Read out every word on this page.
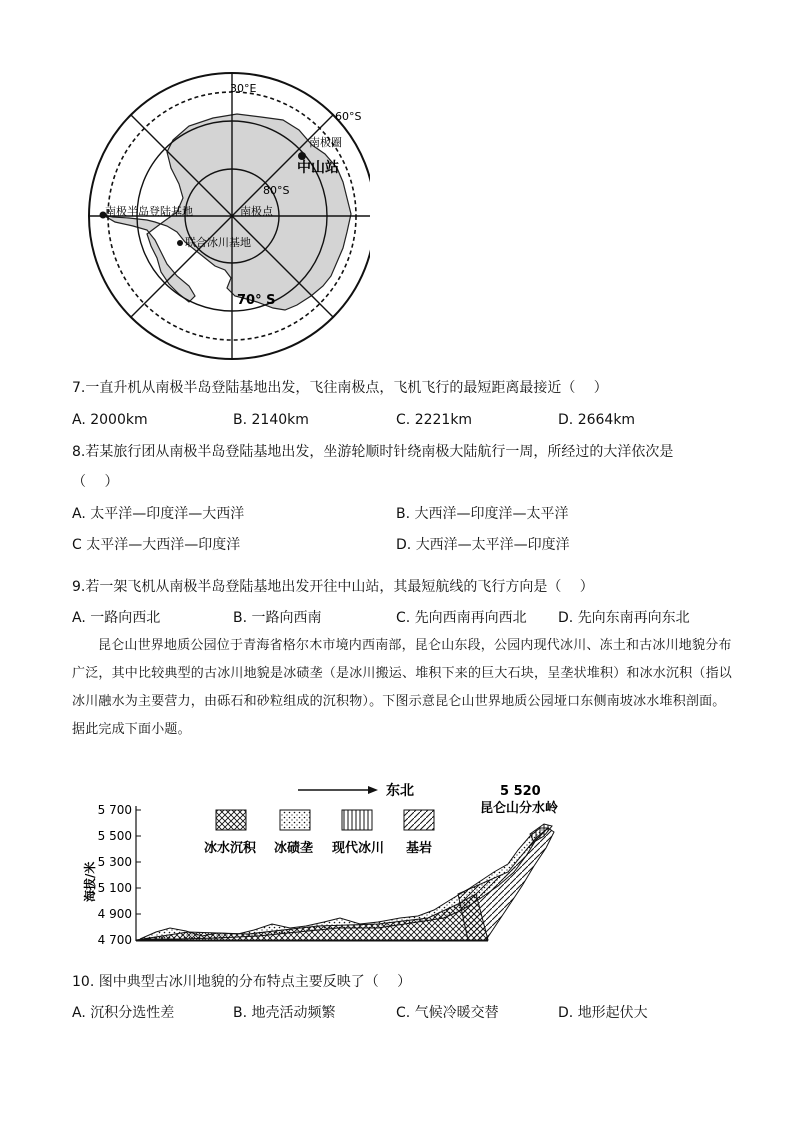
30°E
60°S
南极圈
中山站
80°S
南极半岛登陆基地	南极点
联合冰川基地
70° S
7.一直升机从南极半岛登陆基地出发，飞往南极点，飞机飞行的最短距离最接近（　 ）
A. 2000km	B. 2140km	C. 2221km	D. 2664km
8.若某旅行团从南极半岛登陆基地出发，坐游轮顺时针绕南极大陆航行一周，所经过的大洋依次是
（　 ）
A. 太平洋—印度洋—大西洋	B. 大西洋—印度洋—太平洋
C 太平洋—大西洋—印度洋	D. 大西洋—太平洋—印度洋
9.若一架飞机从南极半岛登陆基地出发开往中山站，其最短航线的飞行方向是（　 ）
A. 一路向西北	B. 一路向西南	C. 先向西南再向西北 D. 先向东南再向东北
昆仑山世界地质公园位于青海省格尔木市境内西南部，昆仑山东段，公园内现代冰川、冻土和古冰川地貌分布广泛，其中比较典型的古冰川地貌是冰碛垄（是冰川搬运、堆积下来的巨大石块，呈垄状堆积）和冰水沉积（指以冰川融水为主要营力，由砾石和砂粒组成的沉积物）。下图示意昆仑山世界地质公园垭口东侧南坡冰水堆积剖面。据此完成下面小题。
5 700
5 500
5 300
5 100
4 900
4 700
海拔/米
东北	5 520
昆仑山分水岭
冰水沉积 冰碛垄 现代冰川 基岩
10. 图中典型古冰川地貌的分布特点主要反映了（　 ）
A. 沉积分选性差	B. 地壳活动频繁	C. 气候冷暖交替	D. 地形起伏大
